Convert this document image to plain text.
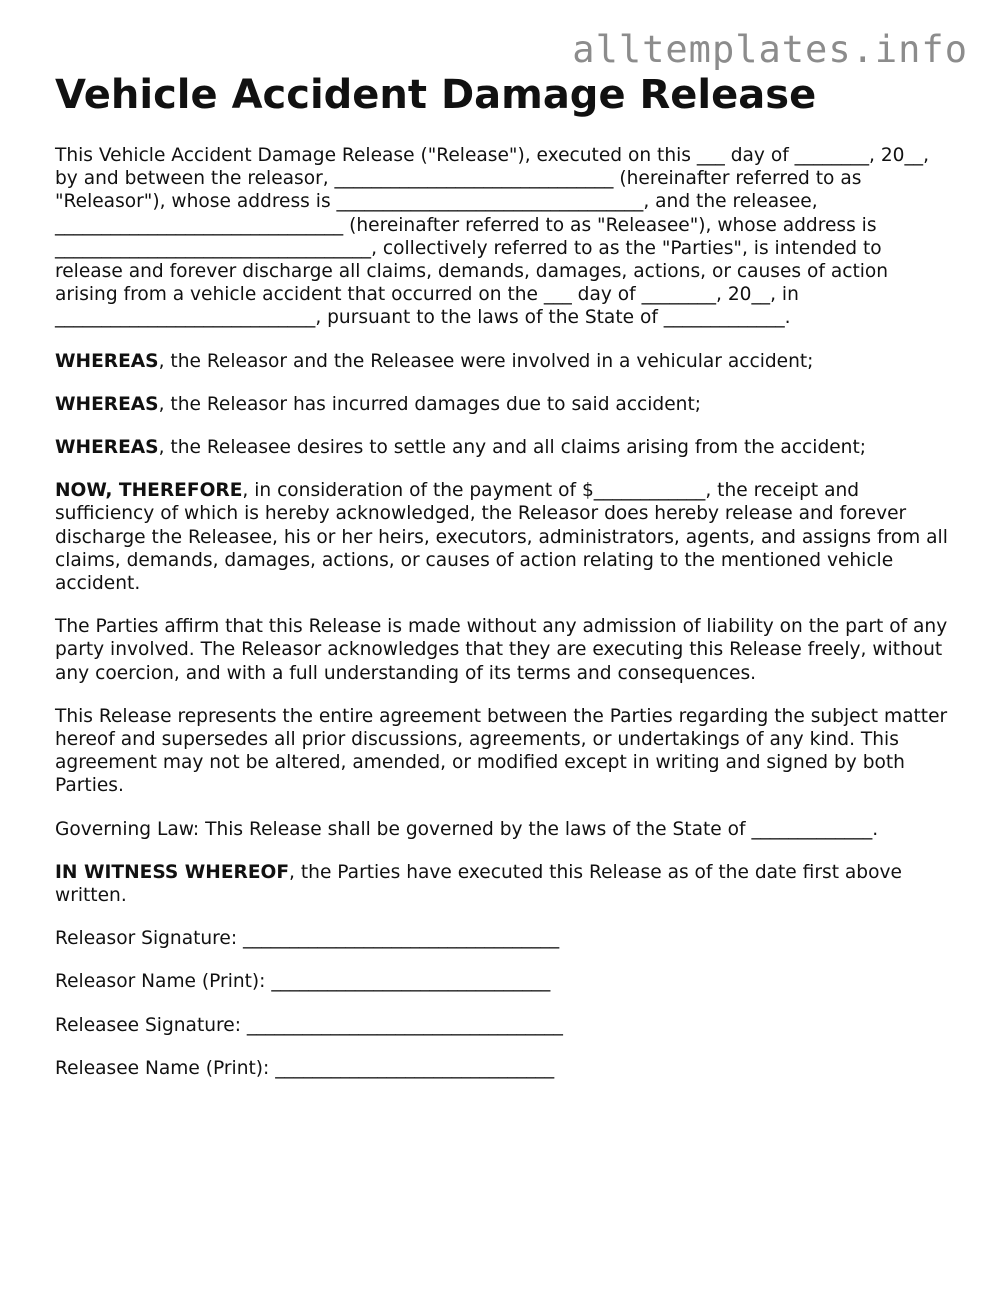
alltemplates.info
Vehicle Accident Damage Release

This Vehicle Accident Damage Release ("Release"), executed on this ___ day of ________, 20__, by and between the releasor, ______________________________ (hereinafter referred to as "Releasor"), whose address is _________________________________, and the releasee, _______________________________ (hereinafter referred to as "Releasee"), whose address is __________________________________, collectively referred to as the "Parties", is intended to release and forever discharge all claims, demands, damages, actions, or causes of action arising from a vehicle accident that occurred on the ___ day of ________, 20__, in ____________________________, pursuant to the laws of the State of _____________.

WHEREAS, the Releasor and the Releasee were involved in a vehicular accident;

WHEREAS, the Releasor has incurred damages due to said accident;

WHEREAS, the Releasee desires to settle any and all claims arising from the accident;

NOW, THEREFORE, in consideration of the payment of $____________, the receipt and sufficiency of which is hereby acknowledged, the Releasor does hereby release and forever discharge the Releasee, his or her heirs, executors, administrators, agents, and assigns from all claims, demands, damages, actions, or causes of action relating to the mentioned vehicle accident.

The Parties affirm that this Release is made without any admission of liability on the part of any party involved. The Releasor acknowledges that they are executing this Release freely, without any coercion, and with a full understanding of its terms and consequences.

This Release represents the entire agreement between the Parties regarding the subject matter hereof and supersedes all prior discussions, agreements, or undertakings of any kind. This agreement may not be altered, amended, or modified except in writing and signed by both Parties.

Governing Law: This Release shall be governed by the laws of the State of _____________.

IN WITNESS WHEREOF, the Parties have executed this Release as of the date first above written.

Releasor Signature: __________________________________
Releasor Name (Print): ______________________________
Releasee Signature: __________________________________
Releasee Name (Print): ______________________________
